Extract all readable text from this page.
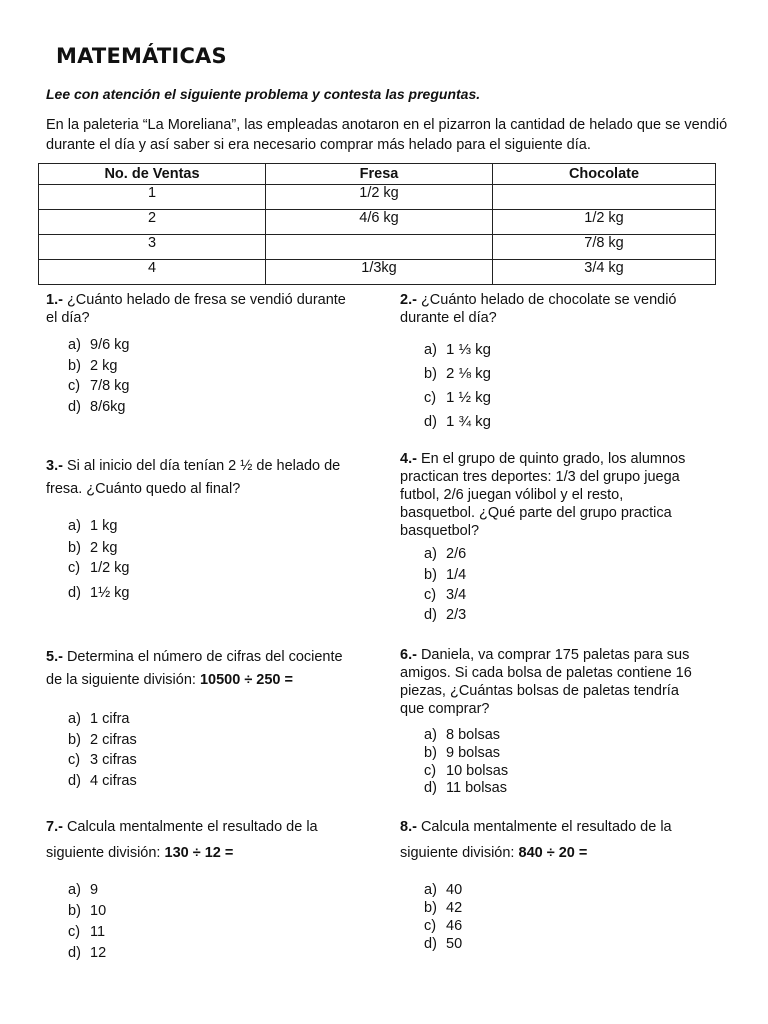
MATEMÁTICAS
Lee con atención el siguiente problema y contesta las preguntas.
En la paleteria “La Moreliana”, las empleadas anotaron en el pizarron la cantidad de helado que se vendió durante el día y así saber si era necesario comprar más helado para el siguiente día.
No. de Ventas	Fresa	Chocolate
1	1/2 kg	
2	4/6 kg	1/2 kg
3		7/8 kg
4	1/3kg	3/4 kg
1.- ¿Cuánto helado de fresa se vendió durante
el día?
a) 9/6 kg
b) 2 kg
c) 7/8 kg
d) 8/6kg
2.- ¿Cuánto helado de chocolate se vendió
durante el día?
a) 1 ⅓ kg
b) 2 ⅛ kg
c) 1 ½ kg
d) 1 ¾ kg
3.- Si al inicio del día tenían 2 ½ de helado de
fresa. ¿Cuánto quedo al final?
a) 1 kg
b) 2 kg
c) 1/2 kg
d) 1½ kg
4.- En el grupo de quinto grado, los alumnos
practican tres deportes: 1/3 del grupo juega
futbol, 2/6 juegan vólibol y el resto,
basquetbol. ¿Qué parte del grupo practica
basquetbol?
a) 2/6
b) 1/4
c) 3/4
d) 2/3
5.- Determina el número de cifras del cociente
de la siguiente división: 10500 ÷ 250 =
a) 1 cifra
b) 2 cifras
c) 3 cifras
d) 4 cifras
6.- Daniela, va comprar 175 paletas para sus
amigos. Si cada bolsa de paletas contiene 16
piezas, ¿Cuántas bolsas de paletas tendría
que comprar?
a) 8 bolsas
b) 9 bolsas
c) 10 bolsas
d) 11 bolsas
7.- Calcula mentalmente el resultado de la
siguiente división: 130 ÷ 12 =
a) 9
b) 10
c) 11
d) 12
8.- Calcula mentalmente el resultado de la
siguiente división: 840 ÷ 20 =
a) 40
b) 42
c) 46
d) 50
